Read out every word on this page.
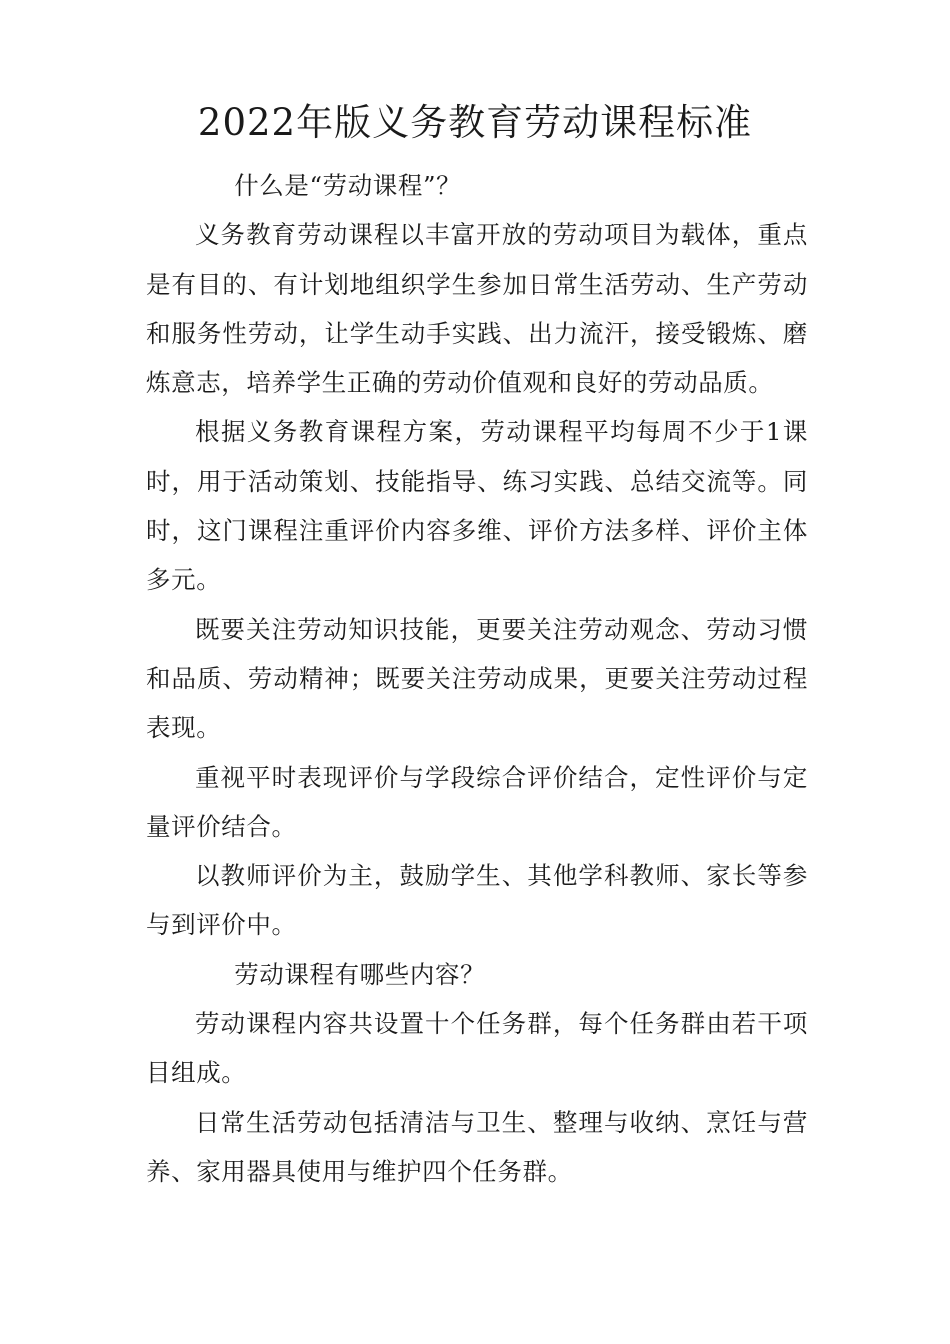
2022年版义务教育劳动课程标准

什么是“劳动课程”？

义务教育劳动课程以丰富开放的劳动项目为载体，重点是有目的、有计划地组织学生参加日常生活劳动、生产劳动和服务性劳动，让学生动手实践、出力流汗，接受锻炼、磨炼意志，培养学生正确的劳动价值观和良好的劳动品质。

根据义务教育课程方案，劳动课程平均每周不少于1课时，用于活动策划、技能指导、练习实践、总结交流等。同时，这门课程注重评价内容多维、评价方法多样、评价主体多元。

既要关注劳动知识技能，更要关注劳动观念、劳动习惯和品质、劳动精神；既要关注劳动成果，更要关注劳动过程表现。

重视平时表现评价与学段综合评价结合，定性评价与定量评价结合。

以教师评价为主，鼓励学生、其他学科教师、家长等参与到评价中。

劳动课程有哪些内容？

劳动课程内容共设置十个任务群，每个任务群由若干项目组成。

日常生活劳动包括清洁与卫生、整理与收纳、烹饪与营养、家用器具使用与维护四个任务群。
